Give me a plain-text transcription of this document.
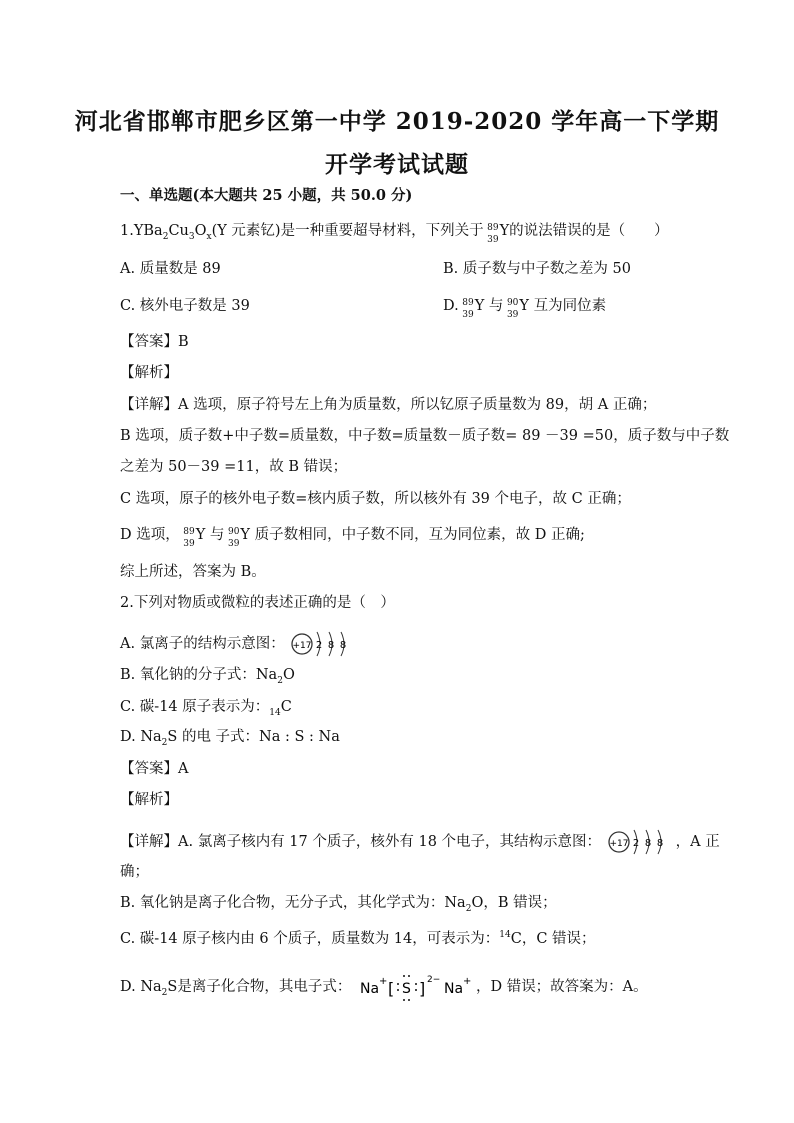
河北省邯郸市肥乡区第一中学 2019-2020 学年高一下学期
开学考试试题
一、单选题(本大题共 25 小题，共 50.0 分)
$1.YBa_2Cu_3O_x(Y$ 元素钇)是一种重要超导材料，下列关于 89
39
Y的说法错误的是（　　）
A. 质量数是 89	B. 质子数与中子数之差为 50
C. 核外电子数是 39	D. 89
39
Y 与 90
39
Y 互为同位素
【答案】B
【解析】
【详解】A 选项，原子符号左上角为质量数，所以钇原子质量数为 89，胡 A 正确；
B 选项，质子数+中子数=质量数，中子数=质量数－质子数= 89 －39 =50，质子数与中子数
之差为 50－39 =11，故 B 错误；
C 选项，原子的核外电子数=核内质子数，所以核外有 39 个电子，故 C 正确；
D 选项， 89
39
Y 与 90
39
Y 质子数相同，中子数不同，互为同位素，故 D 正确;
综上所述，答案为 B。
2.下列对物质或微粒的表述正确的是（　）
A. 氯离子的结构示意图： +17 2 8 8
B. 氧化钠的分子式：$Na_2O$
C. 碳-14 原子表示为：$_{14}$C
D. $Na_2S$ 的电 子式：Na : S : Na
【答案】A
【解析】
【详解】A. 氯离子核内有 17 个质子，核外有 18 个电子，其结构示意图： +17 2 8 8 ，A 正
确；
B. 氧化钠是离子化合物，无分子式，其化学式为：$Na_2O$，B 错误；
C. 碳-14 原子核内由 6 个质子，质量数为 14，可表示为：$^{14}$C，C 错误；
D. $Na_2S$是离子化合物，其电子式： Na + [ S ] 2−
Na + ，D 错误；故答案为：A。
